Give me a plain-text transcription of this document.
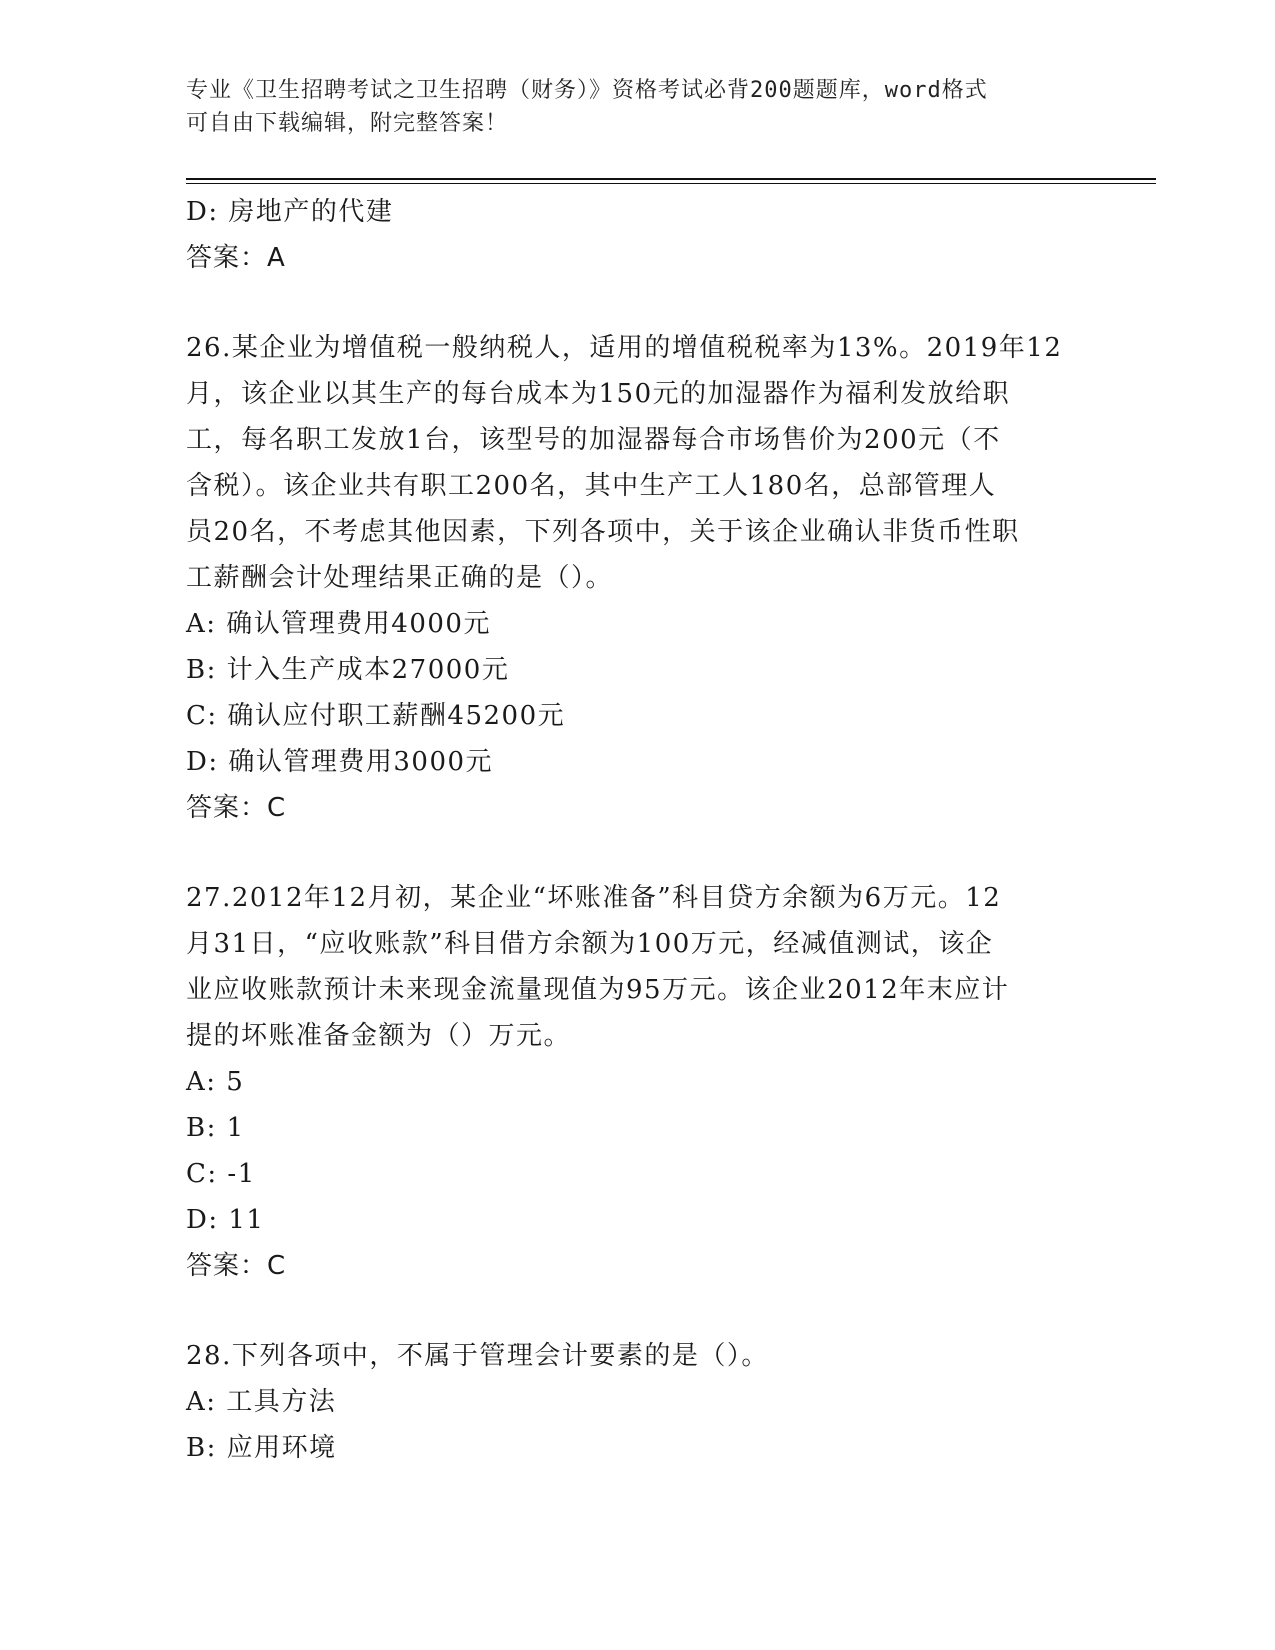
专业《卫生招聘考试之卫生招聘（财务）》资格考试必背200题题库，word格式
可自由下载编辑，附完整答案！
D: 房地产的代建
答案：A
26.某企业为增值税一般纳税人，适用的增值税税率为13%。2019年12
月，该企业以其生产的每台成本为150元的加湿器作为福利发放给职
工，每名职工发放1台，该型号的加湿器每合市场售价为200元（不
含税）。该企业共有职工200名，其中生产工人180名，总部管理人
员20名，不考虑其他因素，下列各项中，关于该企业确认非货币性职
工薪酬会计处理结果正确的是（）。
A: 确认管理费用4000元
B: 计入生产成本27000元
C: 确认应付职工薪酬45200元
D: 确认管理费用3000元
答案：C
27.2012年12月初，某企业“坏账准备”科目贷方余额为6万元。12
月31日，“应收账款”科目借方余额为100万元，经减值测试，该企
业应收账款预计未来现金流量现值为95万元。该企业2012年末应计
提的坏账准备金额为（）万元。
A: 5
B: 1
C: -1
D: 11
答案：C
28.下列各项中，不属于管理会计要素的是（）。
A: 工具方法
B: 应用环境
